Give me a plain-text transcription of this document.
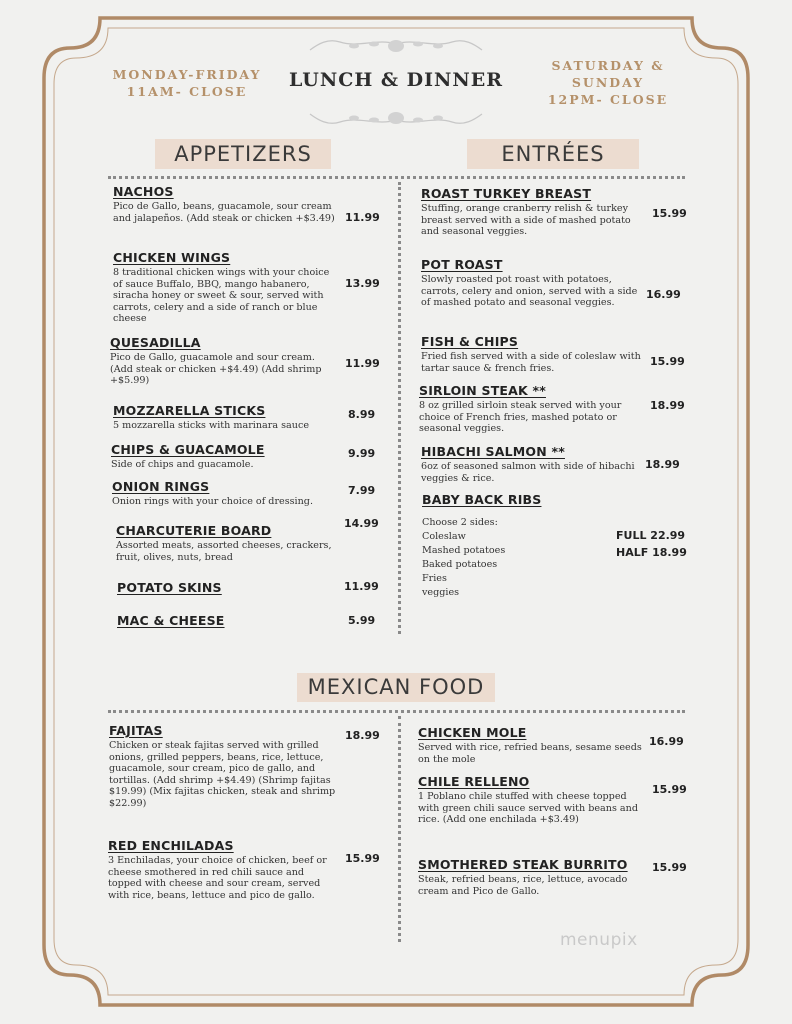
MONDAY-FRIDAY
11AM- CLOSE
LUNCH & DINNER
SATURDAY &
SUNDAY
12PM- CLOSE
APPETIZERS	ENTRÉES
NACHOS
Pico de Gallo, beans, guacamole, sour cream and jalapeños. (Add steak or chicken +$3.49) 11.99
CHICKEN WINGS
8 traditional chicken wings with your choice of sauce Buffalo, BBQ, mango habanero, siracha honey or sweet & sour, served with carrots, celery and a side of ranch or blue cheese
13.99
QUESADILLA
Pico de Gallo, guacamole and sour cream. (Add steak or chicken +$4.49) (Add shrimp +$5.99)
11.99
MOZZARELLA STICKS
5 mozzarella sticks with marinara sauce
8.99
CHIPS & GUACAMOLE
Side of chips and guacamole.
9.99
ONION RINGS
Onion rings with your choice of dressing.
7.99
CHARCUTERIE BOARD
Assorted meats, assorted cheeses, crackers, fruit, olives, nuts, bread
14.99
POTATO SKINS	11.99
MAC & CHEESE	5.99
ROAST TURKEY BREAST
Stuffing, orange cranberry relish & turkey breast served with a side of mashed potato and seasonal veggies.
15.99
POT ROAST
Slowly roasted pot roast with potatoes, carrots, celery and onion, served with a side of mashed potato and seasonal veggies.
16.99
FISH & CHIPS
Fried fish served with a side of coleslaw with tartar sauce & french fries.
15.99
SIRLOIN STEAK **
8 oz grilled sirloin steak served with your choice of French fries, mashed potato or seasonal veggies.
18.99
HIBACHI SALMON **
6oz of seasoned salmon with side of hibachi veggies & rice.
18.99
BABY BACK RIBS
Choose 2 sides:
Coleslaw
Mashed potatoes
Baked potatoes
Fries
veggies
FULL 22.99
HALF 18.99
MEXICAN FOOD
FAJITAS
Chicken or steak fajitas served with grilled onions, grilled peppers, beans, rice, lettuce, guacamole, sour cream, pico de gallo, and tortillas. (Add shrimp +$4.49) (Shrimp fajitas $19.99) (Mix fajitas chicken, steak and shrimp $22.99)
18.99
RED ENCHILADAS
3 Enchiladas, your choice of chicken, beef or cheese smothered in red chili sauce and topped with cheese and sour cream, served with rice, beans, lettuce and pico de gallo.
15.99
CHICKEN MOLE
Served with rice, refried beans, sesame seeds on the mole
16.99
CHILE RELLENO
1 Poblano chile stuffed with cheese topped with green chili sauce served with beans and rice. (Add one enchilada +$3.49)
15.99
SMOTHERED STEAK BURRITO
Steak, refried beans, rice, lettuce, avocado cream and Pico de Gallo.
15.99
menupix
